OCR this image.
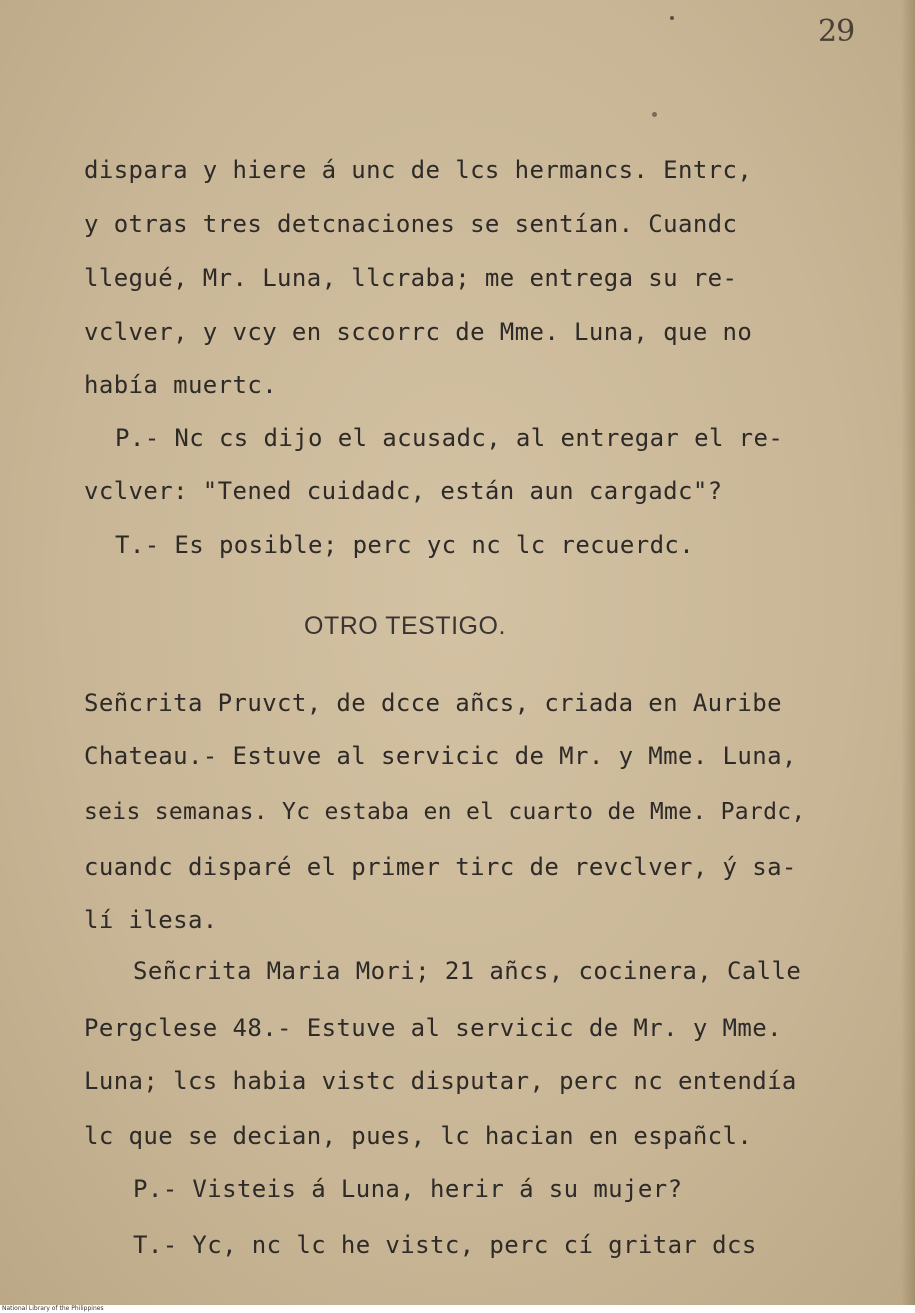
29
dispara y hiere á unc de lcs hermancs. Entrc,
y otras tres detcnaciones se sentían. Cuandc
llegué, Mr. Luna, llcraba; me entrega su re-
vclver, y vcy en sccorrc de Mme. Luna, que no
había muertc.
P.- Nc cs dijo el acusadc, al entregar el re-
vclver: "Tened cuidadc, están aun cargadc"?
T.- Es posible; perc yc nc lc recuerdc.
OTRO TESTIGO.
Señcrita Pruvct, de dcce añcs, criada en Auribe
Chateau.- Estuve al servicic de Mr. y Mme. Luna,
seis semanas. Yc estaba en el cuarto de Mme. Pardc,
cuandc disparé el primer tirc de revclver, ý sa-
lí ilesa.
Señcrita Maria Mori; 21 añcs, cocinera, Calle
Pergclese 48.- Estuve al servicic de Mr. y Mme.
Luna; lcs habia vistc disputar, perc nc entendía
lc que se decian, pues, lc hacian en españcl.
P.- Visteis á Luna, herir á su mujer?
T.- Yc, nc lc he vistc, perc cí gritar dcs
National Library of the Philippines
